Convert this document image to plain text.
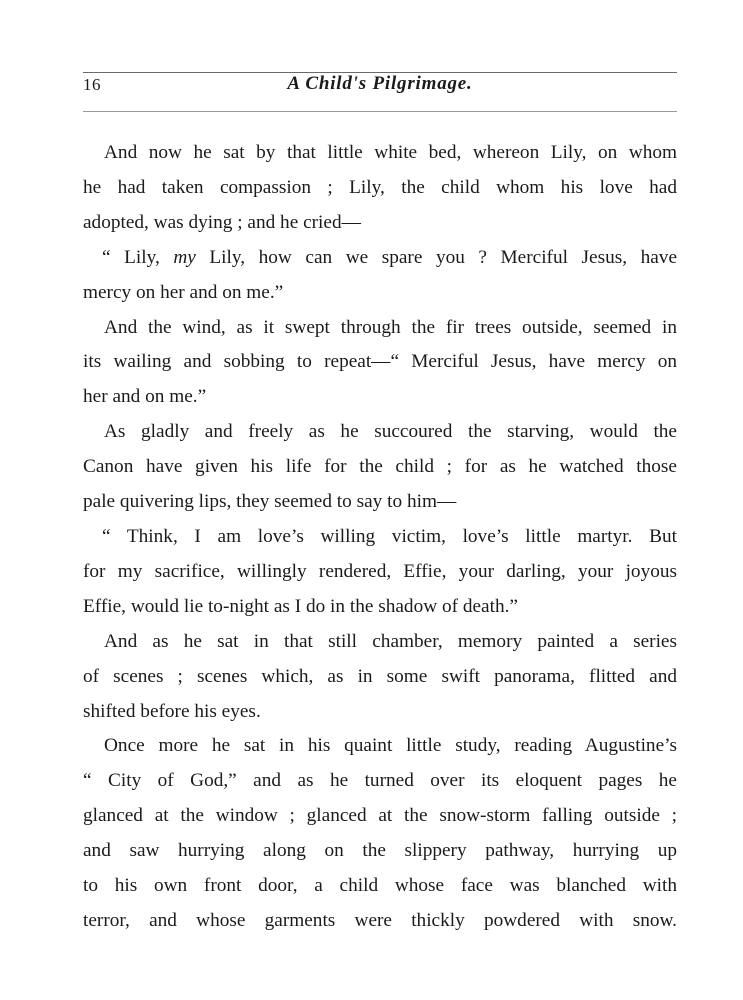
16	A Child's Pilgrimage.
And now he sat by that little white bed, whereon Lily, on whom
he had taken compassion ; Lily, the child whom his love had
adopted, was dying ; and he cried—
“ Lily, my Lily, how can we spare you ? Merciful Jesus, have
mercy on her and on me.”
And the wind, as it swept through the fir trees outside, seemed in
its wailing and sobbing to repeat—“ Merciful Jesus, have mercy on
her and on me.”
As gladly and freely as he succoured the starving, would the
Canon have given his life for the child ; for as he watched those
pale quivering lips, they seemed to say to him—
“ Think, I am love’s willing victim, love’s little martyr. But
for my sacrifice, willingly rendered, Effie, your darling, your joyous
Effie, would lie to-night as I do in the shadow of death.”
And as he sat in that still chamber, memory painted a series
of scenes ; scenes which, as in some swift panorama, flitted and
shifted before his eyes.
Once more he sat in his quaint little study, reading Augustine’s
“ City of God,” and as he turned over its eloquent pages he
glanced at the window ; glanced at the snow-storm falling outside ;
and saw hurrying along on the slippery pathway, hurrying up
to his own front door, a child whose face was blanched with
terror, and whose garments were thickly powdered with snow.
